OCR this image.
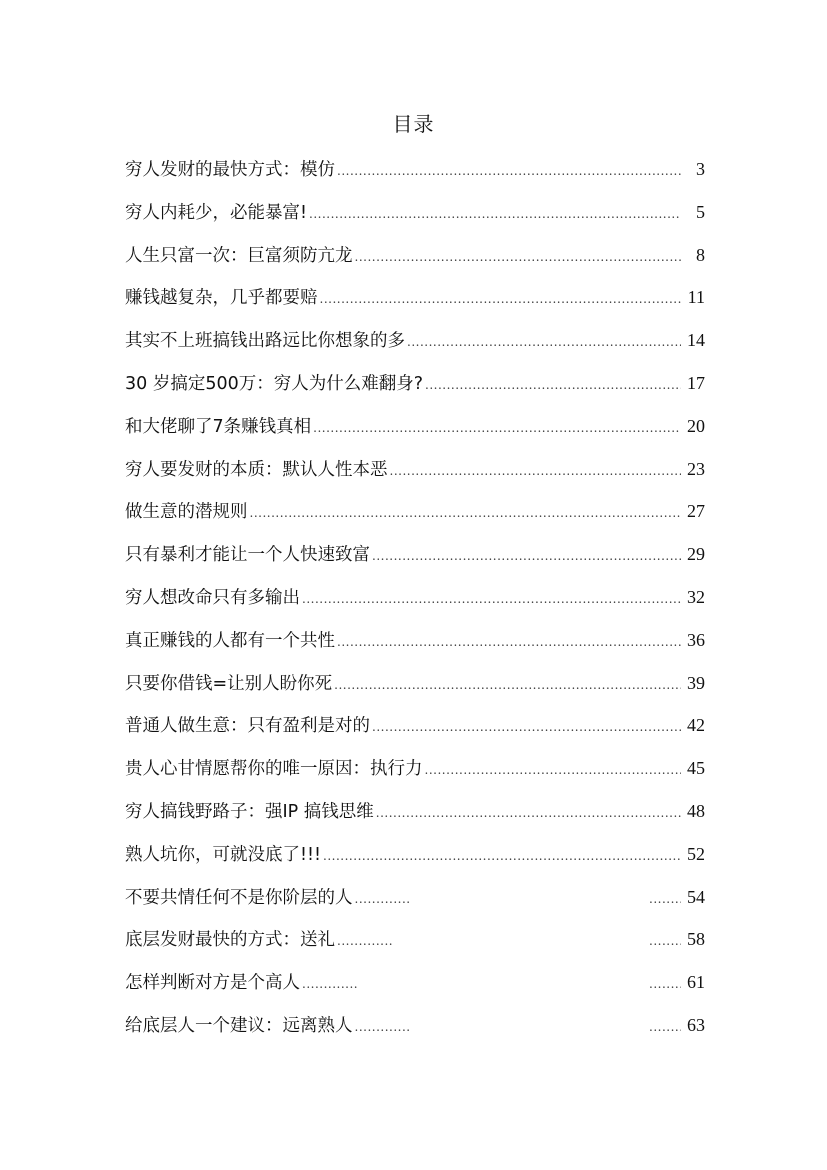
目录
穷人发财的最快方式：模仿 .....	3
穷人内耗少，必能暴富! .....	5
人生只富一次：巨富须防亢龙 .....	8
赚钱越复杂，几乎都要赔 .....	11
其实不上班搞钱出路远比你想象的多 .....	14
30 岁搞定500万：穷人为什么难翻身? .....	17
和大佬聊了7条赚钱真相 .....	20
穷人要发财的本质：默认人性本恶 .....	23
做生意的潜规则 .....	27
只有暴利才能让一个人快速致富 .....	29
穷人想改命只有多输出 .....	32
真正赚钱的人都有一个共性 .....	36
只要你借钱=让别人盼你死 .....	39
普通人做生意：只有盈利是对的 .....	42
贵人心甘情愿帮你的唯一原因：执行力 .....	45
穷人搞钱野路子：强IP 搞钱思维 .....	48
熟人坑你，可就没底了!!! .....	52
不要共情任何不是你阶层的人 ..... .....	54
底层发财最快的方式：送礼 ..... .....	58
怎样判断对方是个高人 ..... .....	61
给底层人一个建议：远离熟人 ..... .....	63
